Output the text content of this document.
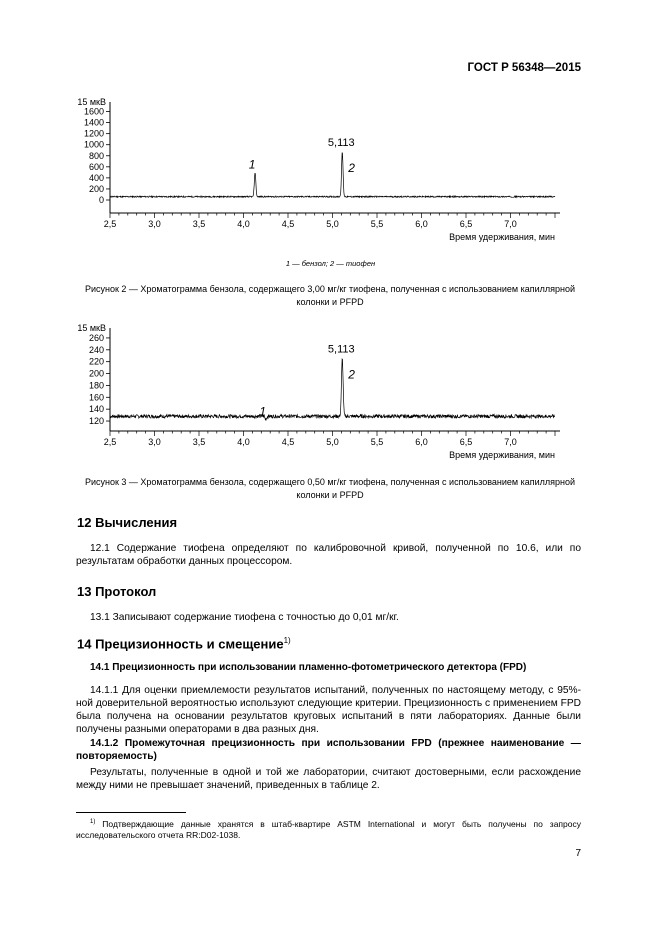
ГОСТ Р 56348—2015
15 мкВ
0
200
400
600
800
1000
1200
1400
1600
2,5	3,0	3,5	4,0	4,5	5,0	5,5	6,0	6,5	7,0
Время удерживания, мин
1
5,113
2
1 — бензол; 2 — тиофен
Рисунок 2 — Хроматограмма бензола, содержащего 3,00 мг/кг тиофена, полученная с использованием капиллярной колонки и PFPD
15 мкВ
120
140
160
180
200
220
240
260
2,5	3,0	3,5	4,0	4,5	5,0	5,5	6,0	6,5	7,0
Время удерживания, мин
1
5,113
2
Рисунок 3 — Хроматограмма бензола, содержащего 0,50 мг/кг тиофена, полученная с использованием капиллярной колонки и PFPD
12 Вычисления
12.1 Содержание тиофена определяют по калибровочной кривой, полученной по 10.6, или по результатам обработки данных процессором.
13 Протокол
13.1 Записывают содержание тиофена с точностью до 0,01 мг/кг.
14 Прецизионность и смещение$^{1)}$
14.1 Прецизионность при использовании пламенно-фотометрического детектора (FPD)
14.1.1 Для оценки приемлемости результатов испытаний, полученных по настоящему методу, с 95%-ной доверительной вероятностью используют следующие критерии. Прецизионность с применением FPD была получена на основании результатов круговых испытаний в пяти лабораториях. Данные были получены разными операторами в два разных дня.
14.1.2 Промежуточная прецизионность при использовании FPD (прежнее наименование — повторяемость)
Результаты, полученные в одной и той же лаборатории, считают достоверными, если расхождение между ними не превышает значений, приведенных в таблице 2.
$^{1)}$ Подтверждающие данные хранятся в штаб-квартире ASTM International и могут быть получены по запросу исследовательского отчета RR:D02-1038.
7
